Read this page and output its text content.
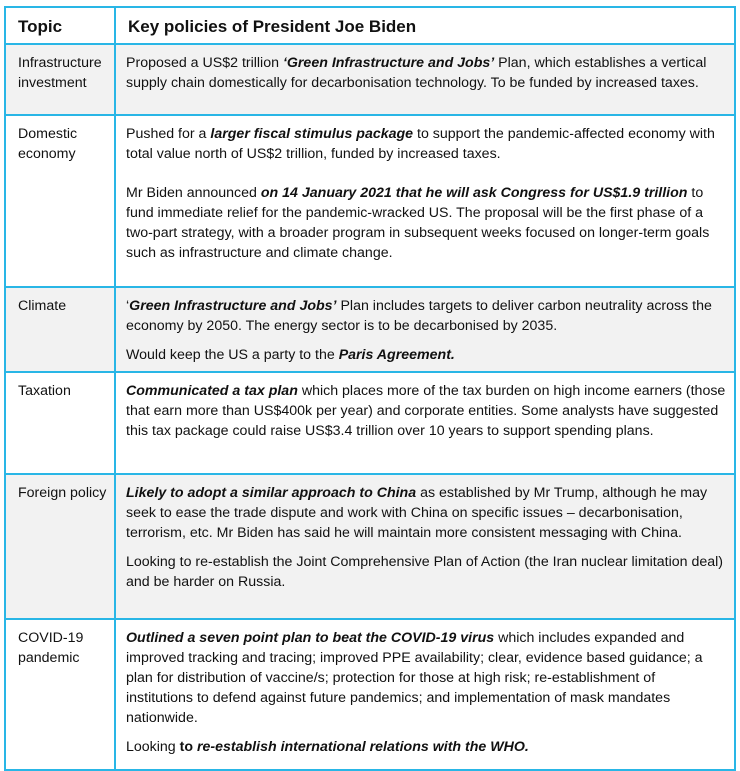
Topic	Key policies of President Joe Biden
Infrastructure investment	Proposed a US$2 trillion ‘Green Infrastructure and Jobs’ Plan, which establishes a vertical supply chain domestically for decarbonisation technology. To be funded by increased taxes.

Domestic economy	Pushed for a larger fiscal stimulus package to support the pandemic-affected economy with total value north of US$2 trillion, funded by increased taxes.

Mr Biden announced on 14 January 2021 that he will ask Congress for US$1.9 trillion to fund immediate relief for the pandemic-wracked US. The proposal will be the first phase of a two-part strategy, with a broader program in subsequent weeks focused on longer-term goals such as infrastructure and climate change.

Climate	‘Green Infrastructure and Jobs’ Plan includes targets to deliver carbon neutrality across the economy by 2050. The energy sector is to be decarbonised by 2035.

Would keep the US a party to the Paris Agreement.

Taxation	Communicated a tax plan which places more of the tax burden on high income earners (those that earn more than US$400k per year) and corporate entities. Some analysts have suggested this tax package could raise US$3.4 trillion over 10 years to support spending plans.

Foreign policy	Likely to adopt a similar approach to China as established by Mr Trump, although he may seek to ease the trade dispute and work with China on specific issues – decarbonisation, terrorism, etc. Mr Biden has said he will maintain more consistent messaging with China.

Looking to re-establish the Joint Comprehensive Plan of Action (the Iran nuclear limitation deal) and be harder on Russia.

COVID-19 pandemic	Outlined a seven point plan to beat the COVID-19 virus which includes expanded and improved tracking and tracing; improved PPE availability; clear, evidence based guidance; a plan for distribution of vaccine/s; protection for those at high risk; re-establishment of institutions to defend against future pandemics; and implementation of mask mandates nationwide.

Looking to re-establish international relations with the WHO.
